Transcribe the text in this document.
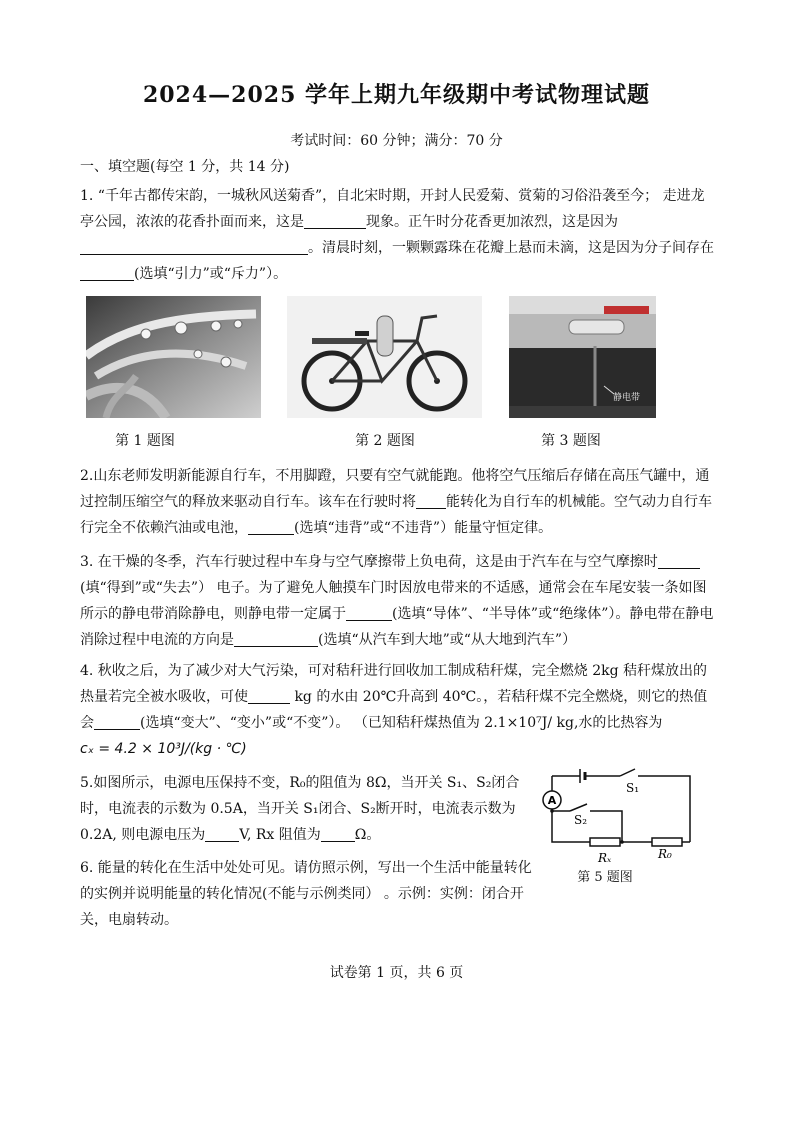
2024—2025 学年上期九年级期中考试物理试题
考试时间：60 分钟；满分：70 分
一、填空题(每空 1 分，共 14 分)
1. “千年古都传宋韵，一城秋风送菊香”，自北宋时期，开封人民爱菊、赏菊的习俗沿袭至今； 走进龙亭公园，浓浓的花香扑面而来，这是	现象。正午时分花香更加浓烈，这是因为。清晨时刻，一颗颗露珠在花瓣上悬而未滴，这是因为分子间存在(选填“引力”或“斥力”）。
静电带
第 1 题图	第 2 题图	第 3 题图
2.山东老师发明新能源自行车，不用脚蹬，只要有空气就能跑。他将空气压缩后存储在高压气罐中，通过控制压缩空气的释放来驱动自行车。该车在行驶时将 能转化为自行车的机械能。空气动力自行车行完全不依赖汽油或电池，	(选填“违背”或“不违背”）能量守恒定律。
3. 在干燥的冬季，汽车行驶过程中车身与空气摩擦带上负电荷，这是由于汽车在与空气摩擦时(填“得到”或“失去”） 电子。为了避免人触摸车门时因放电带来的不适感，通常会在车尾安装一条如图所示的静电带消除静电，则静电带一定属于	(选填“导体”、“半导体”或“绝缘体”）。静电带在静电消除过程中电流的方向是	(选填“从汽车到大地”或“从大地到汽车”）
4. 秋收之后，为了减少对大气污染，可对秸秆进行回收加工制成秸秆煤，完全燃烧 2kg 秸秆煤放出的热量若完全被水吸收，可使	kg 的水由 20℃升高到 40℃。，若秸秆煤不完全燃烧，则它的热值会	(选填“变大”、“变小”或“不变”）。 （已知秸秆煤热值为 2.1×10⁷J/ kg,水的比热容为
cₓ = 4.2 × 10³J/(kg · ℃)
5.如图所示，电源电压保持不变，R₀的阻值为 8Ω，当开关 S₁、S₂闭合时，电流表的示数为 0.5A，当开关 S₁闭合、S₂断开时，电流表示数为 0.2A, 则电源电压为 V, Rx 阻值为 Ω。
A
S₁
S₂
Rₓ	R₀
第 5 题图
6. 能量的转化在生活中处处可见。请仿照示例，写出一个生活中能量转化的实例并说明能量的转化情况(不能与示例类同） 。示例：实例：闭合开关，电扇转动。
试卷第 1 页，共 6 页
